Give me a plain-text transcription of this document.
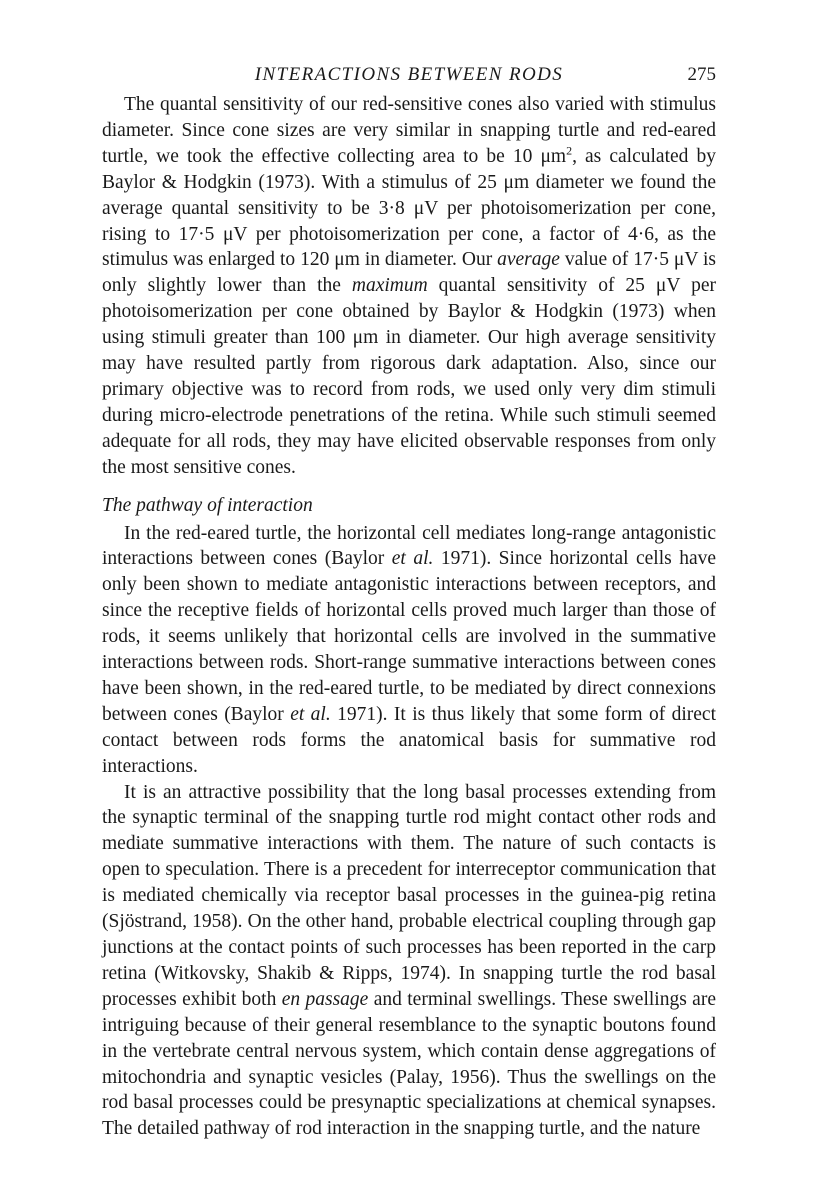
INTERACTIONS BETWEEN RODS	275

The quantal sensitivity of our red-sensitive cones also varied with stimulus diameter. Since cone sizes are very similar in snapping turtle and red-eared turtle, we took the effective collecting area to be 10 $\mu m^2$, as calculated by Baylor & Hodgkin (1973). With a stimulus of 25 μm diameter we found the average quantal sensitivity to be 3·8 μV per photoisomerization per cone, rising to 17·5 μV per photoisomerization per cone, a factor of 4·6, as the stimulus was enlarged to 120 μm in diameter. Our average value of 17·5 μV is only slightly lower than the maximum quantal sensitivity of 25 μV per photoisomerization per cone obtained by Baylor & Hodgkin (1973) when using stimuli greater than 100 μm in diameter. Our high average sensitivity may have resulted partly from rigorous dark adaptation. Also, since our primary objective was to record from rods, we used only very dim stimuli during micro-electrode penetrations of the retina. While such stimuli seemed adequate for all rods, they may have elicited observable responses from only the most sensitive cones.

The pathway of interaction

In the red-eared turtle, the horizontal cell mediates long-range antagonistic interactions between cones (Baylor et al. 1971). Since horizontal cells have only been shown to mediate antagonistic interactions between receptors, and since the receptive fields of horizontal cells proved much larger than those of rods, it seems unlikely that horizontal cells are involved in the summative interactions between rods. Short-range summative interactions between cones have been shown, in the red-eared turtle, to be mediated by direct connexions between cones (Baylor et al. 1971). It is thus likely that some form of direct contact between rods forms the anatomical basis for summative rod interactions.

It is an attractive possibility that the long basal processes extending from the synaptic terminal of the snapping turtle rod might contact other rods and mediate summative interactions with them. The nature of such contacts is open to speculation. There is a precedent for interreceptor communication that is mediated chemically via receptor basal processes in the guinea-pig retina (Sjöstrand, 1958). On the other hand, probable electrical coupling through gap junctions at the contact points of such processes has been reported in the carp retina (Witkovsky, Shakib & Ripps, 1974). In snapping turtle the rod basal processes exhibit both en passage and terminal swellings. These swellings are intriguing because of their general resemblance to the synaptic boutons found in the vertebrate central nervous system, which contain dense aggregations of mitochondria and synaptic vesicles (Palay, 1956). Thus the swellings on the rod basal processes could be presynaptic specializations at chemical synapses. The detailed pathway of rod interaction in the snapping turtle, and the nature
